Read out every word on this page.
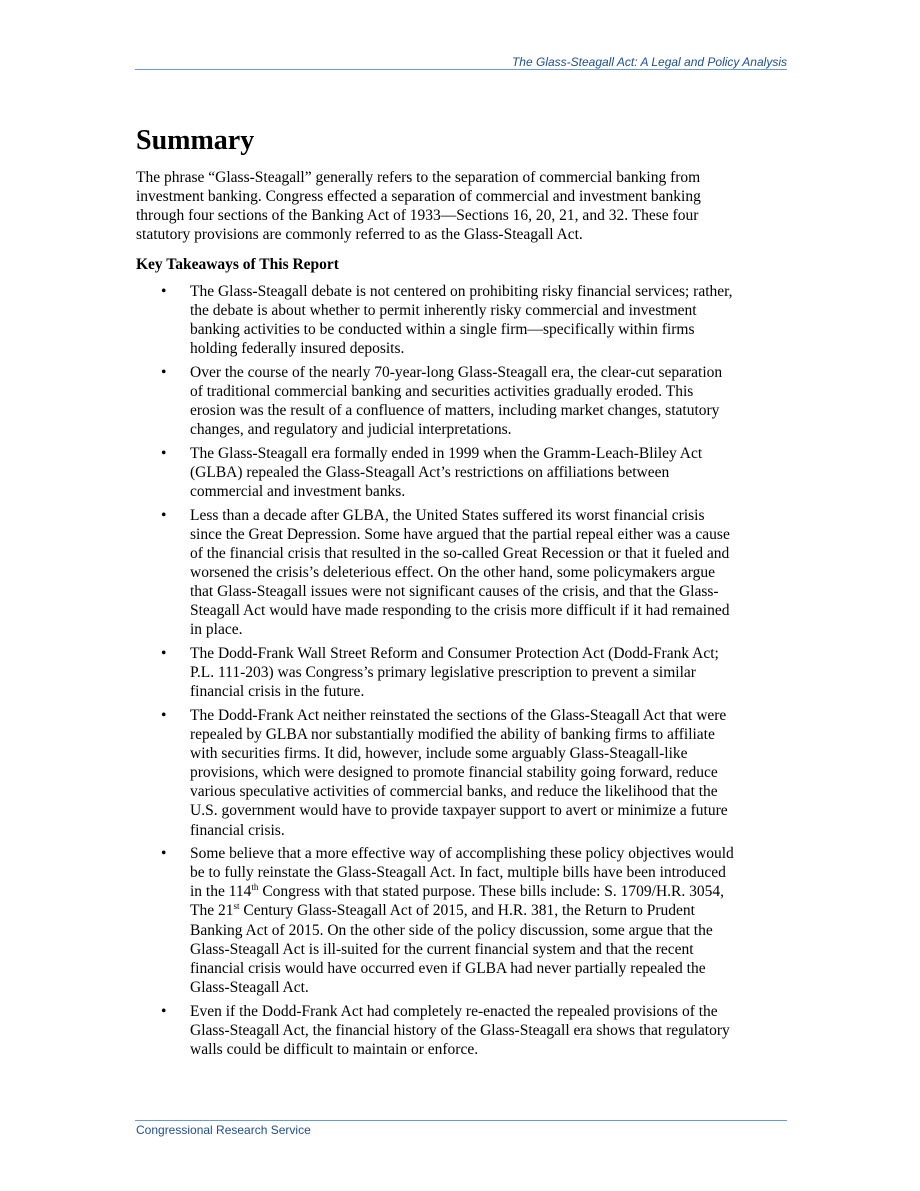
The Glass-Steagall Act: A Legal and Policy Analysis
Summary

The phrase “Glass-Steagall” generally refers to the separation of commercial banking from investment banking. Congress effected a separation of commercial and investment banking through four sections of the Banking Act of 1933—Sections 16, 20, 21, and 32. These four statutory provisions are commonly referred to as the Glass-Steagall Act.

Key Takeaways of This Report

• The Glass-Steagall debate is not centered on prohibiting risky financial services; rather, the debate is about whether to permit inherently risky commercial and investment banking activities to be conducted within a single firm—specifically within firms holding federally insured deposits.
• Over the course of the nearly 70-year-long Glass-Steagall era, the clear-cut separation of traditional commercial banking and securities activities gradually eroded. This erosion was the result of a confluence of matters, including market changes, statutory changes, and regulatory and judicial interpretations.
• The Glass-Steagall era formally ended in 1999 when the Gramm-Leach-Bliley Act (GLBA) repealed the Glass-Steagall Act’s restrictions on affiliations between commercial and investment banks.
• Less than a decade after GLBA, the United States suffered its worst financial crisis since the Great Depression. Some have argued that the partial repeal either was a cause of the financial crisis that resulted in the so-called Great Recession or that it fueled and worsened the crisis’s deleterious effect. On the other hand, some policymakers argue that Glass-Steagall issues were not significant causes of the crisis, and that the Glass-Steagall Act would have made responding to the crisis more difficult if it had remained in place.
• The Dodd-Frank Wall Street Reform and Consumer Protection Act (Dodd-Frank Act; P.L. 111-203) was Congress’s primary legislative prescription to prevent a similar financial crisis in the future.
• The Dodd-Frank Act neither reinstated the sections of the Glass-Steagall Act that were repealed by GLBA nor substantially modified the ability of banking firms to affiliate with securities firms. It did, however, include some arguably Glass-Steagall-like provisions, which were designed to promote financial stability going forward, reduce various speculative activities of commercial banks, and reduce the likelihood that the U.S. government would have to provide taxpayer support to avert or minimize a future financial crisis.
• Some believe that a more effective way of accomplishing these policy objectives would be to fully reinstate the Glass-Steagall Act. In fact, multiple bills have been introduced in the 114th Congress with that stated purpose. These bills include: S. 1709/H.R. 3054, The 21st Century Glass-Steagall Act of 2015, and H.R. 381, the Return to Prudent Banking Act of 2015. On the other side of the policy discussion, some argue that the Glass-Steagall Act is ill-suited for the current financial system and that the recent financial crisis would have occurred even if GLBA had never partially repealed the Glass-Steagall Act.
• Even if the Dodd-Frank Act had completely re-enacted the repealed provisions of the Glass-Steagall Act, the financial history of the Glass-Steagall era shows that regulatory walls could be difficult to maintain or enforce.
Congressional Research Service
